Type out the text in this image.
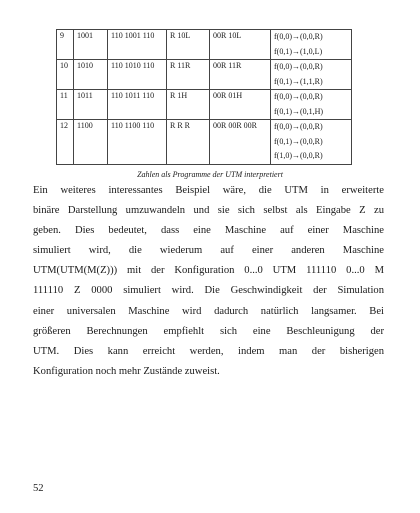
9	1001	110 1001 110	R 10L	00R 10L	f(0,0)→(0,0,R)
f(0,1)→(1,0,L)

10	1010	110 1010 110	R 11R	00R 11R	f(0,0)→(0,0,R)
f(0,1)→(1,1,R)

11	1011	110 1011 110	R 1H	00R 01H	f(0,0)→(0,0,R)
f(0,1)→(0,1,H)

12	1100	110 1100 110	R R R	00R 00R 00R	f(0,0)→(0,0,R)
f(0,1)→(0,0,R)
f(1,0)→(0,0,R)
Zahlen als Programme der UTM interpretiert
Ein weiteres interessantes Beispiel wäre, die UTM in erweiterte
binäre Darstellung umzuwandeln und sie sich selbst als Eingabe Z zu
geben. Dies bedeutet, dass eine Maschine auf einer Maschine
simuliert wird, die wiederum auf einer anderen Maschine
UTM(UTM(M(Z))) mit der Konfiguration 0...0 UTM 111110 0...0 M
111110 Z 0000 simuliert wird. Die Geschwindigkeit der Simulation
einer universalen Maschine wird dadurch natürlich langsamer. Bei
größeren Berechnungen empfiehlt sich eine Beschleunigung der
UTM. Dies kann erreicht werden, indem man der bisherigen
Konfiguration noch mehr Zustände zuweist.
52
